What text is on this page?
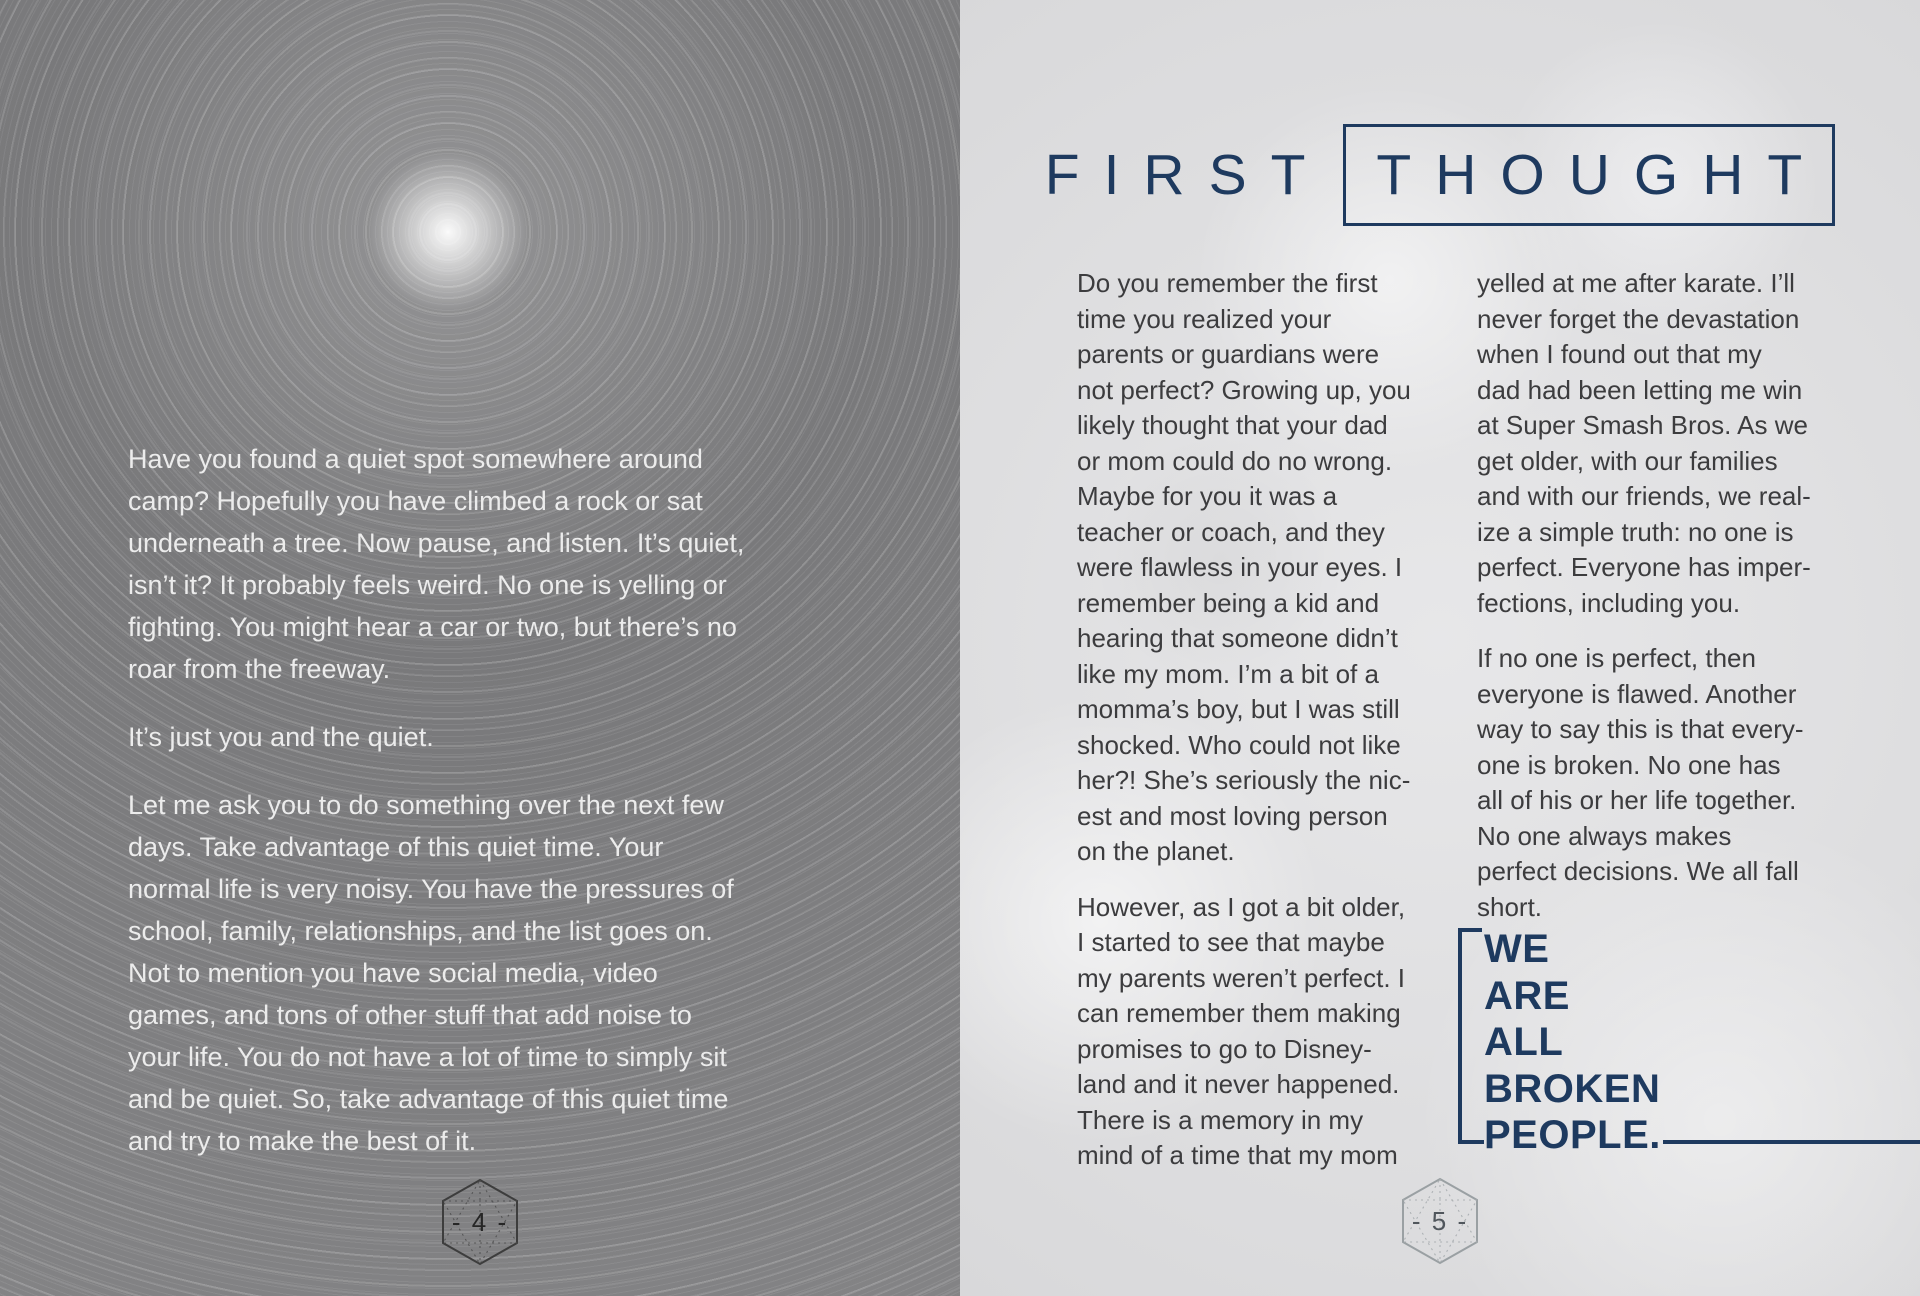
Have you found a quiet spot somewhere around camp? Hopefully you have climbed a rock or sat underneath a tree. Now pause, and listen. It’s quiet, isn’t it? It probably feels weird. No one is yelling or fighting. You might hear a car or two, but there’s no roar from the freeway.

It’s just you and the quiet.

Let me ask you to do something over the next few days. Take advantage of this quiet time. Your normal life is very noisy. You have the pressures of school, family, relationships, and the list goes on. Not to mention you have social media, video games, and tons of other stuff that add noise to your life. You do not have a lot of time to simply sit and be quiet. So, take advantage of this quiet time and try to make the best of it.

- 4 -
FIRST THOUGHT

Do you remember the first time you realized your parents or guardians were not perfect? Growing up, you likely thought that your dad or mom could do no wrong. Maybe for you it was a teacher or coach, and they were flawless in your eyes. I remember being a kid and hearing that someone didn’t like my mom. I’m a bit of a momma’s boy, but I was still shocked. Who could not like her?! She’s seriously the nicest and most loving person on the planet.

However, as I got a bit older, I started to see that maybe my parents weren’t perfect. I can remember them making promises to go to Disneyland and it never happened. There is a memory in my mind of a time that my mom

yelled at me after karate. I’ll never forget the devastation when I found out that my dad had been letting me win at Super Smash Bros. As we get older, with our families and with our friends, we realize a simple truth: no one is perfect. Everyone has imperfections, including you.

If no one is perfect, then everyone is flawed. Another way to say this is that everyone is broken. No one has all of his or her life together. No one always makes perfect decisions. We all fall short.

WE
ARE
ALL
BROKEN
PEOPLE.
- 5 -
